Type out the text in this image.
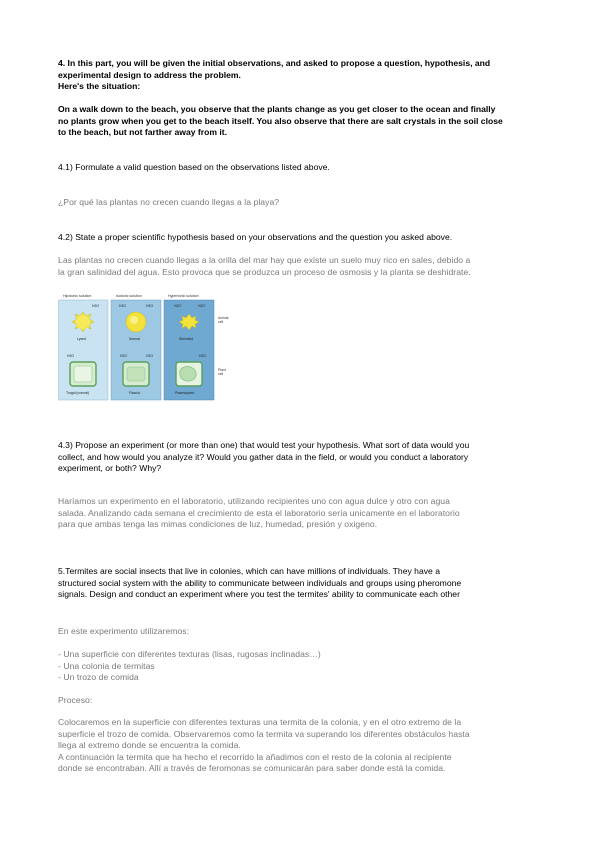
4. In this part, you will be given the initial observations, and asked to propose a question, hypothesis, and
experimental design to address the problem.
Here's the situation:
On a walk down to the beach, you observe that the plants change as you get closer to the ocean and finally
no plants grow when you get to the beach itself. You also observe that there are salt crystals in the soil close
to the beach, but not farther away from it.
4.1) Formulate a valid question based on the observations listed above.
¿Por qué las plantas no crecen cuando llegas a la playa?
4.2) State a proper scientific hypothesis based on your observations and the question you asked above.
Las plantas no crecen cuando llegas a la orilla del mar hay que existe un suelo muy rico en sales, debido a
la gran salinidad del agua. Esto provoca que se produzca un proceso de osmosis y la planta se deshidrate.
Hipotonic solution	Isotonic solution	Hypertonic solution
H2O	H2O	H2O	H2O	H2O
H2O	H2O	H2O	H2O
Lysed	Normal	Shriveled
Turgid (normal)	Flaccid	Plasmolyzed
Animal
cell
Plant
cell
4.3) Propose an experiment (or more than one) that would test your hypothesis. What sort of data would you
collect, and how would you analyze it? Would you gather data in the field, or would you conduct a laboratory
experiment, or both? Why?
Haríamos un experimento en el laboratorio, utilizando recipientes uno con agua dulce y otro con agua
salada. Analizando cada semana el crecimiento de esta el laboratorio sería unicamente en el laboratorio
para que ambas tenga las mimas condiciones de luz, humedad, presión y oxigeno.
5.Termites are social insects that live in colonies, which can have millions of individuals. They have a
structured social system with the ability to communicate between individuals and groups using pheromone
signals. Design and conduct an experiment where you test the termites' ability to communicate each other
En este experimento utilizaremos:
- Una superficie con diferentes texturas (lisas, rugosas inclinadas…)
- Una colonia de termitas
- Un trozo de comida
Proceso:
Colocaremos en la superficie con diferentes texturas una termita de la colonia, y en el otro extremo de la
superficie el trozo de comida. Observaremos como la termita va superando los diferentes obstáculos hasta
llega al extremo donde se encuentra la comida.
A continuación la termita que ha hecho el recorrido la añadimos con el resto de la colonia al recipiente
donde se encontraban. Allí a través de feromonas se comunicarán para saber donde está la comida.
